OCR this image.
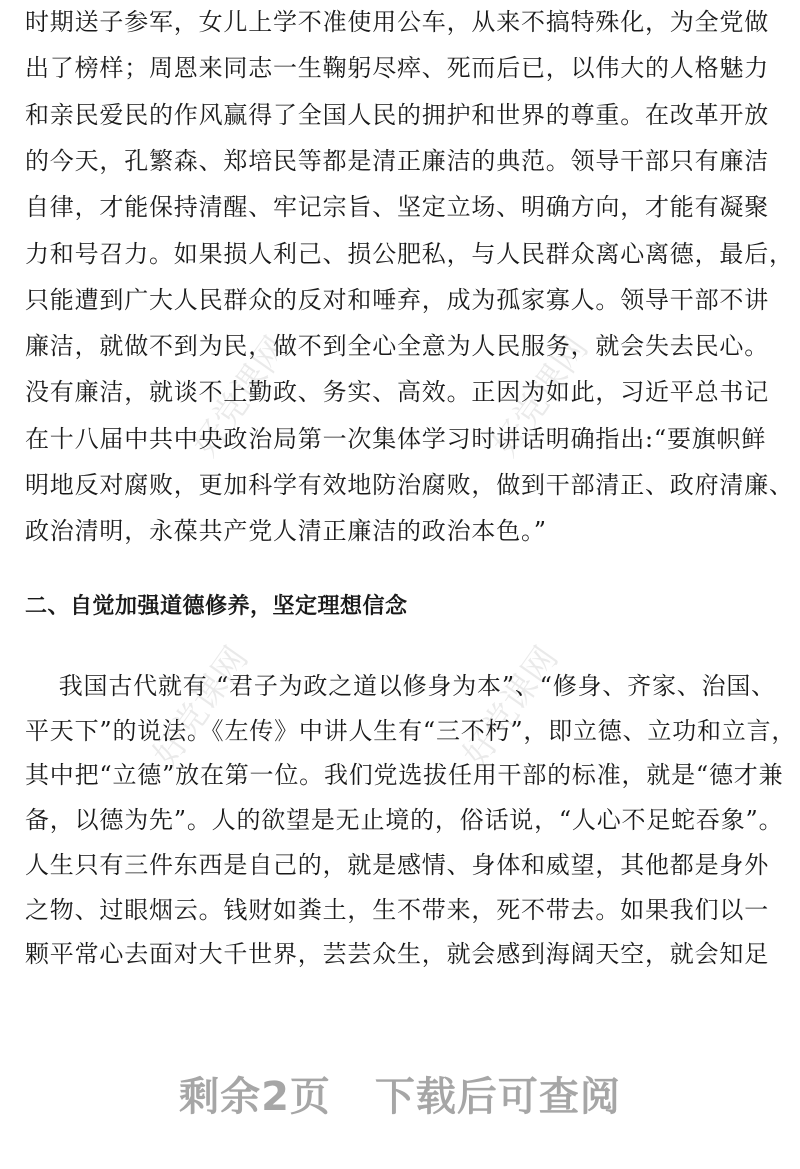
好党课网	好党课网
好党课网	好党课网
时期送子参军，女儿上学不准使用公车，从来不搞特殊化，为全党做
出了榜样；周恩来同志一生鞠躬尽瘁、死而后已，以伟大的人格魅力
和亲民爱民的作风赢得了全国人民的拥护和世界的尊重。在改革开放
的今天，孔繁森、郑培民等都是清正廉洁的典范。领导干部只有廉洁
自律，才能保持清醒、牢记宗旨、坚定立场、明确方向，才能有凝聚
力和号召力。如果损人利己、损公肥私，与人民群众离心离德，最后，
只能遭到广大人民群众的反对和唾弃，成为孤家寡人。领导干部不讲
廉洁，就做不到为民，做不到全心全意为人民服务，就会失去民心。
没有廉洁，就谈不上勤政、务实、高效。正因为如此，习近平总书记
在十八届中共中央政治局第一次集体学习时讲话明确指出:“要旗帜鲜
明地反对腐败，更加科学有效地防治腐败，做到干部清正、政府清廉、
政治清明，永葆共产党人清正廉洁的政治本色。”
二、自觉加强道德修养，坚定理想信念
我国古代就有 “君子为政之道以修身为本”、“修身、齐家、治国、
平天下”的说法。《左传》中讲人生有“三不朽”，即立德、立功和立言，
其中把“立德”放在第一位。我们党选拔任用干部的标准，就是“德才兼
备，以德为先”。人的欲望是无止境的，俗话说，“人心不足蛇吞象”。
人生只有三件东西是自己的，就是感情、身体和威望，其他都是身外
之物、过眼烟云。钱财如粪土，生不带来，死不带去。如果我们以一
颗平常心去面对大千世界，芸芸众生，就会感到海阔天空，就会知足
剩余2页 下载后可查阅
